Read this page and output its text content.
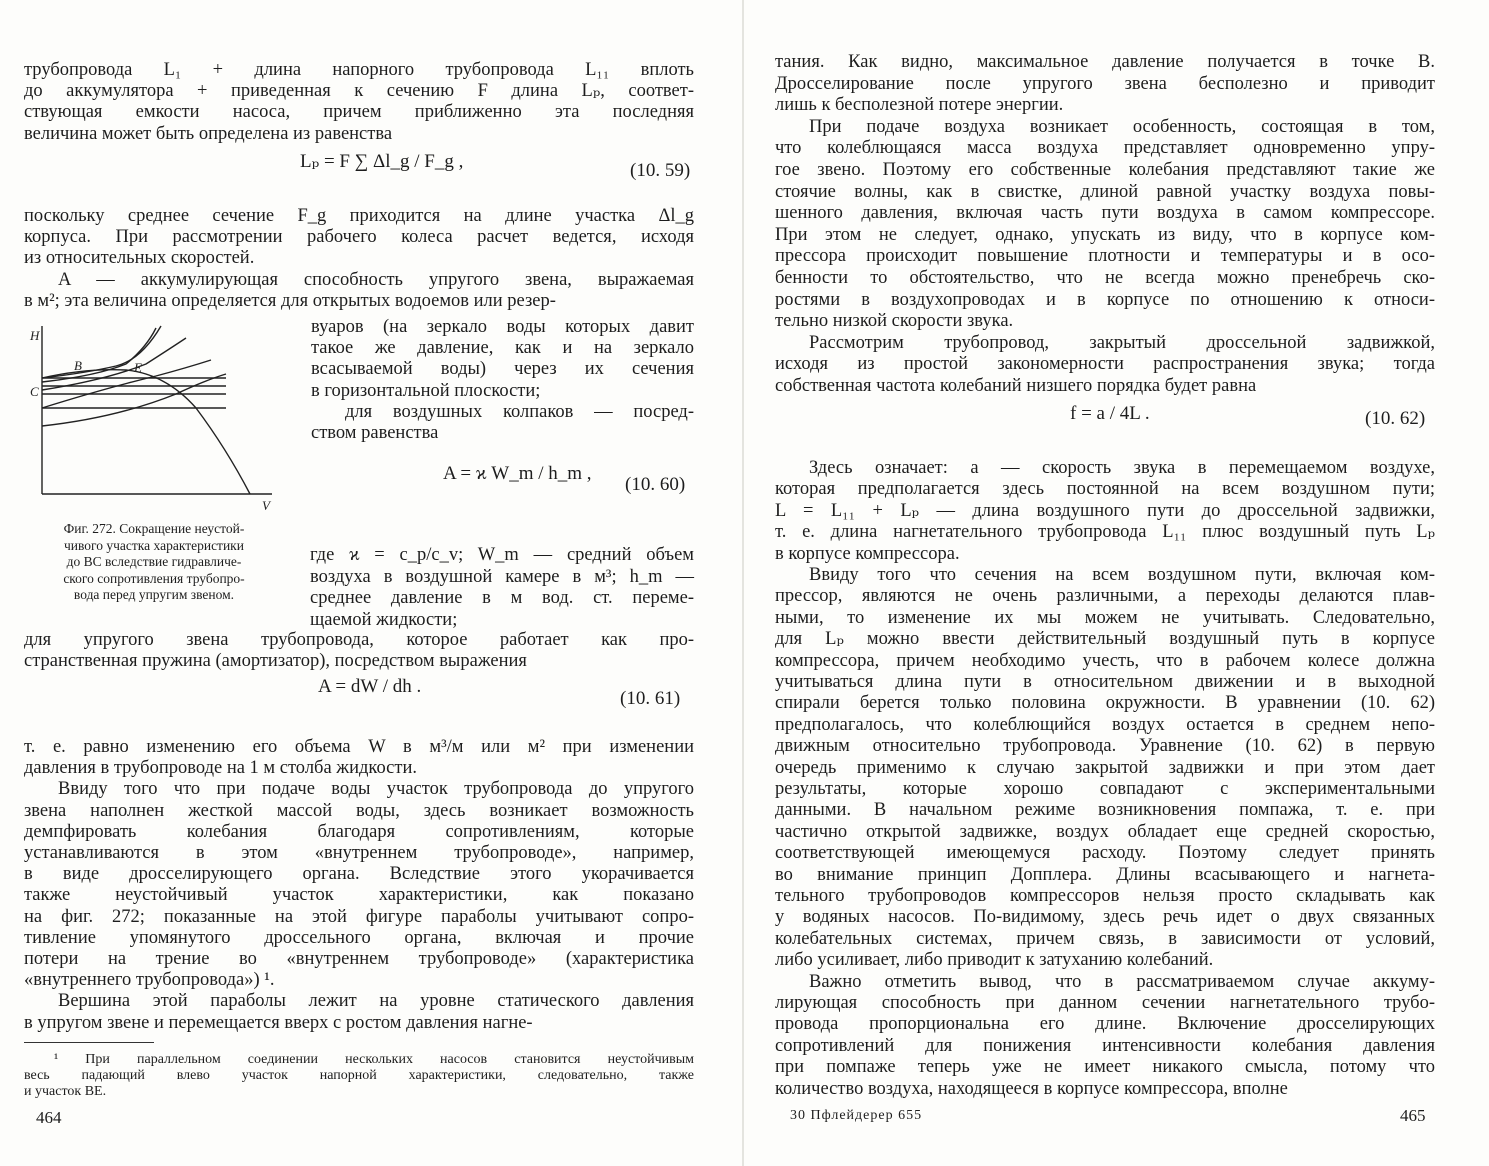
трубопровода L₁ + длина напорного трубопровода L₁₁ вплоть
до аккумулятора + приведенная к сечению F длина Lₚ, соответ-
ствующая емкости насоса, причем приближенно эта последняя
величина может быть определена из равенства
Lₚ = F ∑ Δl_g / F_g ,	(10. 59)
поскольку среднее сечение F_g приходится на длине участка Δl_g
корпуса. При рассмотрении рабочего колеса расчет ведется, исходя
из относительных скоростей.
A — аккумулирующая способность упругого звена, выражаемая
в м²; эта величина определяется для открытых водоемов или резер-
H
V
B	E
C
Фиг. 272. Сокращение неустой-
чивого участка характеристики
до BC вследствие гидравличе-
ского сопротивления трубопро-
вода перед упругим звеном.
вуаров (на зеркало воды которых давит
такое же давление, как и на зеркало
всасываемой воды) через их сечения
в горизонтальной плоскости;
для воздушных колпаков — посред-
ством равенства
A = ϰ W_m / h_m ,
(10. 60)
где ϰ = c_p/c_v; W_m — средний объем
воздуха в воздушной камере в м³; h_m —
среднее давление в м вод. ст. переме-
щаемой жидкости;
для упругого звена трубопровода, которое работает как про-
странственная пружина (амортизатор), посредством выражения
A = dW / dh .
(10. 61)
т. е. равно изменению его объема W в м³/м или м² при изменении
давления в трубопроводе на 1 м столба жидкости.
Ввиду того что при подаче воды участок трубопровода до упругого
звена наполнен жесткой массой воды, здесь возникает возможность
демпфировать колебания благодаря сопротивлениям, которые
устанавливаются в этом «внутреннем трубопроводе», например,
в виде дросселирующего органа. Вследствие этого укорачивается
также неустойчивый участок характеристики, как показано
на фиг. 272; показанные на этой фигуре параболы учитывают сопро-
тивление упомянутого дроссельного органа, включая и прочие
потери на трение во «внутреннем трубопроводе» (характеристика
«внутреннего трубопровода») ¹.
Вершина этой параболы лежит на уровне статического давления
в упругом звене и перемещается вверх с ростом давления нагне-
¹ При параллельном соединении нескольких насосов становится неустойчивым
весь падающий влево участок напорной характеристики, следовательно, также
и участок BE.
464
тания. Как видно, максимальное давление получается в точке B.
Дросселирование после упругого звена бесполезно и приводит
лишь к бесполезной потере энергии.
При подаче воздуха возникает особенность, состоящая в том,
что колеблющаяся масса воздуха представляет одновременно упру-
гое звено. Поэтому его собственные колебания представляют такие же
стоячие волны, как в свистке, длиной равной участку воздуха повы-
шенного давления, включая часть пути воздуха в самом компрессоре.
При этом не следует, однако, упускать из виду, что в корпусе ком-
прессора происходит повышение плотности и температуры и в осо-
бенности то обстоятельство, что не всегда можно пренебречь ско-
ростями в воздухопроводах и в корпусе по отношению к относи-
тельно низкой скорости звука.
Рассмотрим трубопровод, закрытый дроссельной задвижкой,
исходя из простой закономерности распространения звука; тогда
собственная частота колебаний низшего порядка будет равна
f = a / 4L .	(10. 62)
Здесь означает: a — скорость звука в перемещаемом воздухе,
которая предполагается здесь постоянной на всем воздушном пути;
L = L₁₁ + Lₚ — длина воздушного пути до дроссельной задвижки,
т. е. длина нагнетательного трубопровода L₁₁ плюс воздушный путь Lₚ
в корпусе компрессора.
Ввиду того что сечения на всем воздушном пути, включая ком-
прессор, являются не очень различными, а переходы делаются плав-
ными, то изменение их мы можем не учитывать. Следовательно,
для Lₚ можно ввести действительный воздушный путь в корпусе
компрессора, причем необходимо учесть, что в рабочем колесе должна
учитываться длина пути в относительном движении и в выходной
спирали берется только половина окружности. В уравнении (10. 62)
предполагалось, что колеблющийся воздух остается в среднем непо-
движным относительно трубопровода. Уравнение (10. 62) в первую
очередь применимо к случаю закрытой задвижки и при этом дает
результаты, которые хорошо совпадают с экспериментальными
данными. В начальном режиме возникновения помпажа, т. е. при
частично открытой задвижке, воздух обладает еще средней скоростью,
соответствующей имеющемуся расходу. Поэтому следует принять
во внимание принцип Допплера. Длины всасывающего и нагнета-
тельного трубопроводов компрессоров нельзя просто складывать как
у водяных насосов. По-видимому, здесь речь идет о двух связанных
колебательных системах, причем связь, в зависимости от условий,
либо усиливает, либо приводит к затуханию колебаний.
Важно отметить вывод, что в рассматриваемом случае аккуму-
лирующая способность при данном сечении нагнетательного трубо-
провода пропорциональна его длине. Включение дросселирующих
сопротивлений для понижения интенсивности колебания давления
при помпаже теперь уже не имеет никакого смысла, потому что
количество воздуха, находящееся в корпусе компрессора, вполне
30 Пфлейдерер 655	465
